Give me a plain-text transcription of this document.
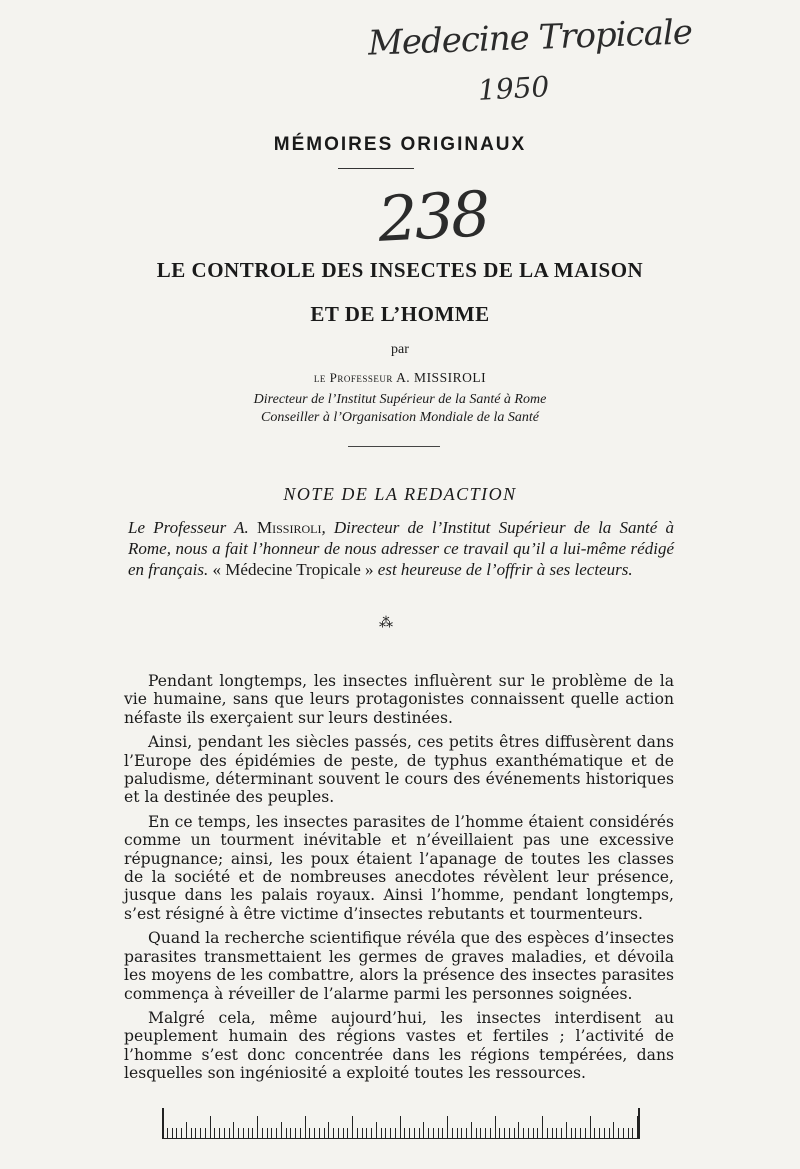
Medecine Tropicale
1950
MÉMOIRES ORIGINAUX
238
LE CONTROLE DES INSECTES DE LA MAISON
ET DE L’HOMME
par
le Professeur A. MISSIROLI
Directeur de l’Institut Supérieur de la Santé à Rome
Conseiller à l’Organisation Mondiale de la Santé
NOTE DE LA REDACTION
Le Professeur A. Missiroli, Directeur de l’Institut Supérieur de la Santé à Rome, nous a fait l’honneur de nous adresser ce travail qu’il a lui-même rédigé en français. « Médecine Tropicale » est heureuse de l’offrir à ses lecteurs.
⁂

Pendant longtemps, les insectes influèrent sur le problème de la vie humaine, sans que leurs protagonistes connaissent quelle action néfaste ils exerçaient sur leurs destinées.

Ainsi, pendant les siècles passés, ces petits êtres diffusèrent dans l’Europe des épidémies de peste, de typhus exanthématique et de paludisme, déterminant souvent le cours des événements historiques et la destinée des peuples.

En ce temps, les insectes parasites de l’homme étaient considérés comme un tourment inévitable et n’éveillaient pas une excessive répugnance; ainsi, les poux étaient l’apanage de toutes les classes de la société et de nombreuses anecdotes révèlent leur présence, jusque dans les palais royaux. Ainsi l’homme, pendant longtemps, s’est résigné à être victime d’insectes rebutants et tourmenteurs.

Quand la recherche scientifique révéla que des espèces d’insectes parasites transmettaient les germes de graves maladies, et dévoila les moyens de les combattre, alors la présence des insectes parasites commença à réveiller de l’alarme parmi les personnes soignées.

Malgré cela, même aujourd’hui, les insectes interdisent au peuplement humain des régions vastes et fertiles ; l’activité de l’homme s’est donc concentrée dans les régions tempérées, dans lesquelles son ingéniosité a exploité toutes les ressources.
